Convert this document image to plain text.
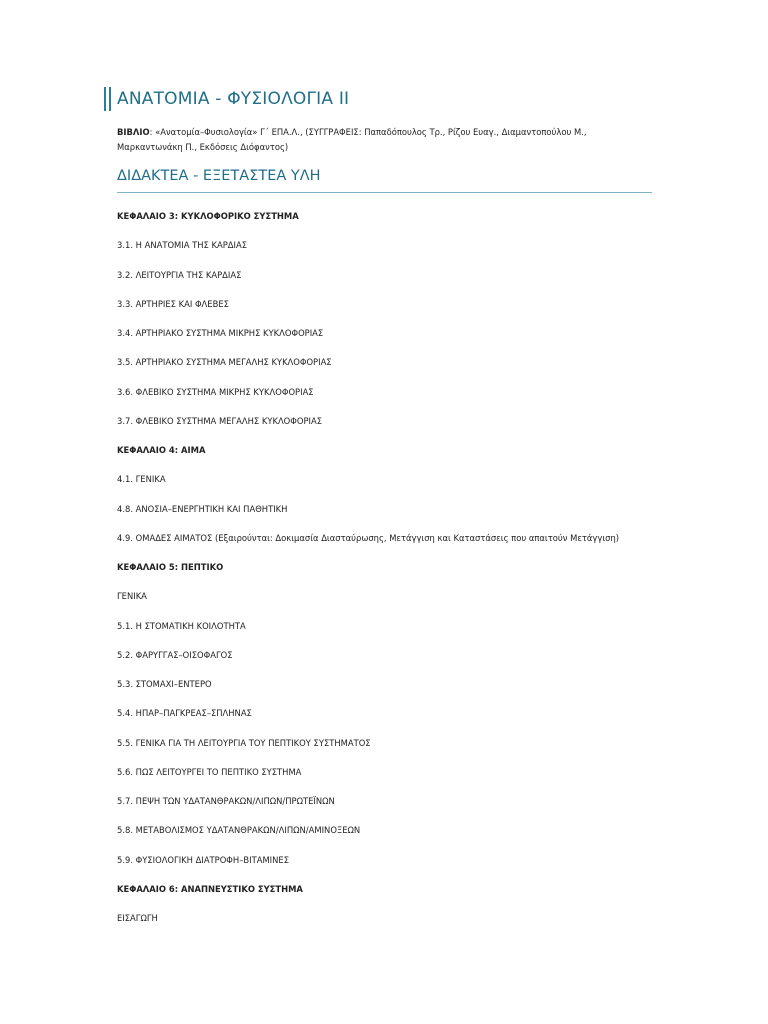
ΑΝΑΤΟΜΙΑ - ΦΥΣΙΟΛΟΓΙΑ ΙΙ
ΒΙΒΛΙΟ: «Ανατομία–Φυσιολογία» Γ΄ ΕΠΑ.Λ., (ΣΥΓΓΡΑΦΕΙΣ: Παπαδόπουλος Τρ., Ρίζου Ευαγ., Διαμαντοπούλου Μ.,
Μαρκαντωνάκη Π., Εκδόσεις Διόφαντος)
ΔΙΔΑΚΤΕΑ - ΕΞΕΤΑΣΤΕΑ ΥΛΗ
ΚΕΦΑΛΑΙΟ 3: ΚΥΚΛΟΦΟΡΙΚΟ ΣΥΣΤΗΜΑ
3.1. Η ΑΝΑΤΟΜΙΑ ΤΗΣ ΚΑΡΔΙΑΣ
3.2. ΛΕΙΤΟΥΡΓΙΑ ΤΗΣ ΚΑΡΔΙΑΣ
3.3. ΑΡΤΗΡΙΕΣ ΚΑΙ ΦΛΕΒΕΣ
3.4. ΑΡΤΗΡΙΑΚΟ ΣΥΣΤΗΜΑ ΜΙΚΡΗΣ ΚΥΚΛΟΦΟΡΙΑΣ
3.5. ΑΡΤΗΡΙΑΚΟ ΣΥΣΤΗΜΑ ΜΕΓΑΛΗΣ ΚΥΚΛΟΦΟΡΙΑΣ
3.6. ΦΛΕΒΙΚΟ ΣΥΣΤΗΜΑ ΜΙΚΡΗΣ ΚΥΚΛΟΦΟΡΙΑΣ
3.7. ΦΛΕΒΙΚΟ ΣΥΣΤΗΜΑ ΜΕΓΑΛΗΣ ΚΥΚΛΟΦΟΡΙΑΣ
ΚΕΦΑΛΑΙΟ 4: ΑΙΜΑ
4.1. ΓΕΝΙΚΑ
4.8. ΑΝΟΣΙΑ–ΕΝΕΡΓΗΤΙΚΗ ΚΑΙ ΠΑΘΗΤΙΚΗ
4.9. ΟΜΑΔΕΣ ΑΙΜΑΤΟΣ (Εξαιρούνται: Δοκιμασία Διασταύρωσης, Μετάγγιση και Καταστάσεις που απαιτούν Μετάγγιση)
ΚΕΦΑΛΑΙΟ 5: ΠΕΠΤΙΚΟ
ΓΕΝΙΚΑ
5.1. Η ΣΤΟΜΑΤΙΚΗ ΚΟΙΛΟΤΗΤΑ
5.2. ΦΑΡΥΓΓΑΣ–ΟΙΣΟΦΑΓΟΣ
5.3. ΣΤΟΜΑΧΙ–ΕΝΤΕΡΟ
5.4. ΗΠΑΡ–ΠΑΓΚΡΕΑΣ–ΣΠΛΗΝΑΣ
5.5. ΓΕΝΙΚΑ ΓΙΑ ΤΗ ΛΕΙΤΟΥΡΓΙΑ ΤΟΥ ΠΕΠΤΙΚΟΥ ΣΥΣΤΗΜΑΤΟΣ
5.6. ΠΩΣ ΛΕΙΤΟΥΡΓΕΙ ΤΟ ΠΕΠΤΙΚΟ ΣΥΣΤΗΜΑ
5.7. ΠΕΨΗ ΤΩΝ ΥΔΑΤΑΝΘΡΑΚΩΝ/ΛΙΠΩΝ/ΠΡΩΤΕΪΝΩΝ
5.8. ΜΕΤΑΒΟΛΙΣΜΟΣ ΥΔΑΤΑΝΘΡΑΚΩΝ/ΛΙΠΩΝ/ΑΜΙΝΟΞΕΩΝ
5.9. ΦΥΣΙΟΛΟΓΙΚΗ ΔΙΑΤΡΟΦΗ–ΒΙΤΑΜΙΝΕΣ
ΚΕΦΑΛΑΙΟ 6: ΑΝΑΠΝΕΥΣΤΙΚΟ ΣΥΣΤΗΜΑ
ΕΙΣΑΓΩΓΗ
